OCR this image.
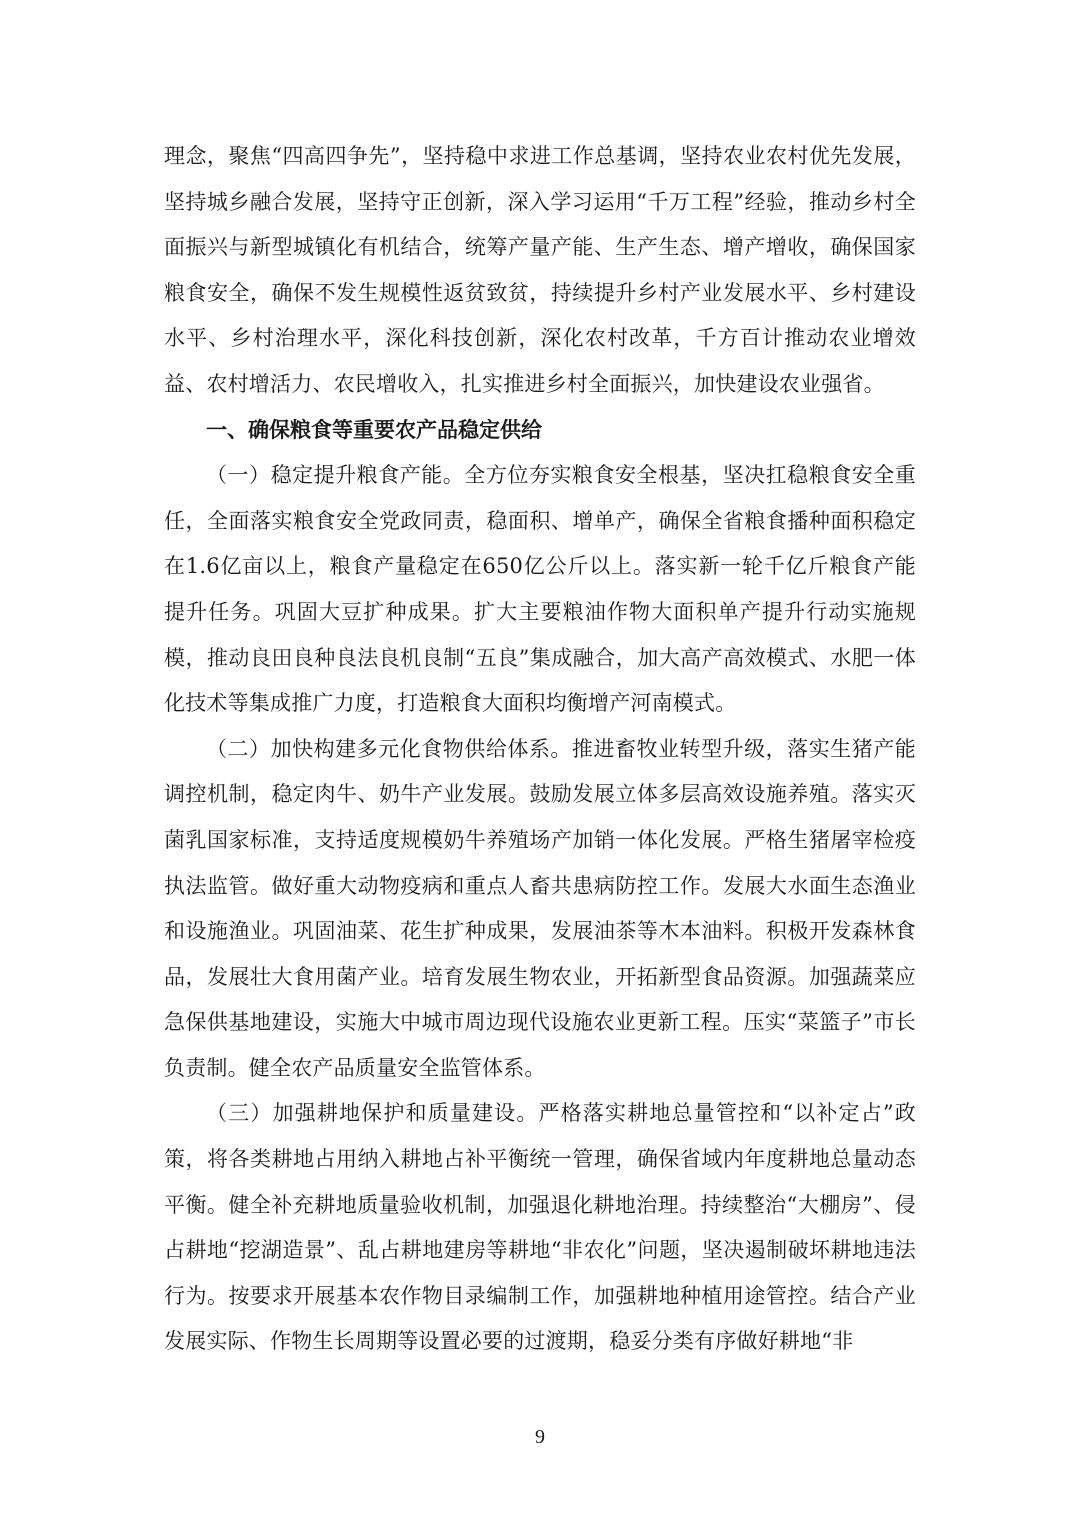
理念，聚焦“四高四争先”，坚持稳中求进工作总基调，坚持农业农村优先发展，坚持城乡融合发展，坚持守正创新，深入学习运用“千万工程”经验，推动乡村全面振兴与新型城镇化有机结合，统筹产量产能、生产生态、增产增收，确保国家粮食安全，确保不发生规模性返贫致贫，持续提升乡村产业发展水平、乡村建设水平、乡村治理水平，深化科技创新，深化农村改革，千方百计推动农业增效益、农村增活力、农民增收入，扎实推进乡村全面振兴，加快建设农业强省。

一、确保粮食等重要农产品稳定供给

（一）稳定提升粮食产能。全方位夯实粮食安全根基，坚决扛稳粮食安全重任，全面落实粮食安全党政同责，稳面积、增单产，确保全省粮食播种面积稳定在1.6亿亩以上，粮食产量稳定在650亿公斤以上。落实新一轮千亿斤粮食产能提升任务。巩固大豆扩种成果。扩大主要粮油作物大面积单产提升行动实施规模，推动良田良种良法良机良制“五良”集成融合，加大高产高效模式、水肥一体化技术等集成推广力度，打造粮食大面积均衡增产河南模式。

（二）加快构建多元化食物供给体系。推进畜牧业转型升级，落实生猪产能调控机制，稳定肉牛、奶牛产业发展。鼓励发展立体多层高效设施养殖。落实灭菌乳国家标准，支持适度规模奶牛养殖场产加销一体化发展。严格生猪屠宰检疫执法监管。做好重大动物疫病和重点人畜共患病防控工作。发展大水面生态渔业和设施渔业。巩固油菜、花生扩种成果，发展油茶等木本油料。积极开发森林食品，发展壮大食用菌产业。培育发展生物农业，开拓新型食品资源。加强蔬菜应急保供基地建设，实施大中城市周边现代设施农业更新工程。压实“菜篮子”市长负责制。健全农产品质量安全监管体系。

（三）加强耕地保护和质量建设。严格落实耕地总量管控和“以补定占”政策，将各类耕地占用纳入耕地占补平衡统一管理，确保省域内年度耕地总量动态平衡。健全补充耕地质量验收机制，加强退化耕地治理。持续整治“大棚房”、侵占耕地“挖湖造景”、乱占耕地建房等耕地“非农化”问题，坚决遏制破坏耕地违法行为。按要求开展基本农作物目录编制工作，加强耕地种植用途管控。结合产业发展实际、作物生长周期等设置必要的过渡期，稳妥分类有序做好耕地“非

9
